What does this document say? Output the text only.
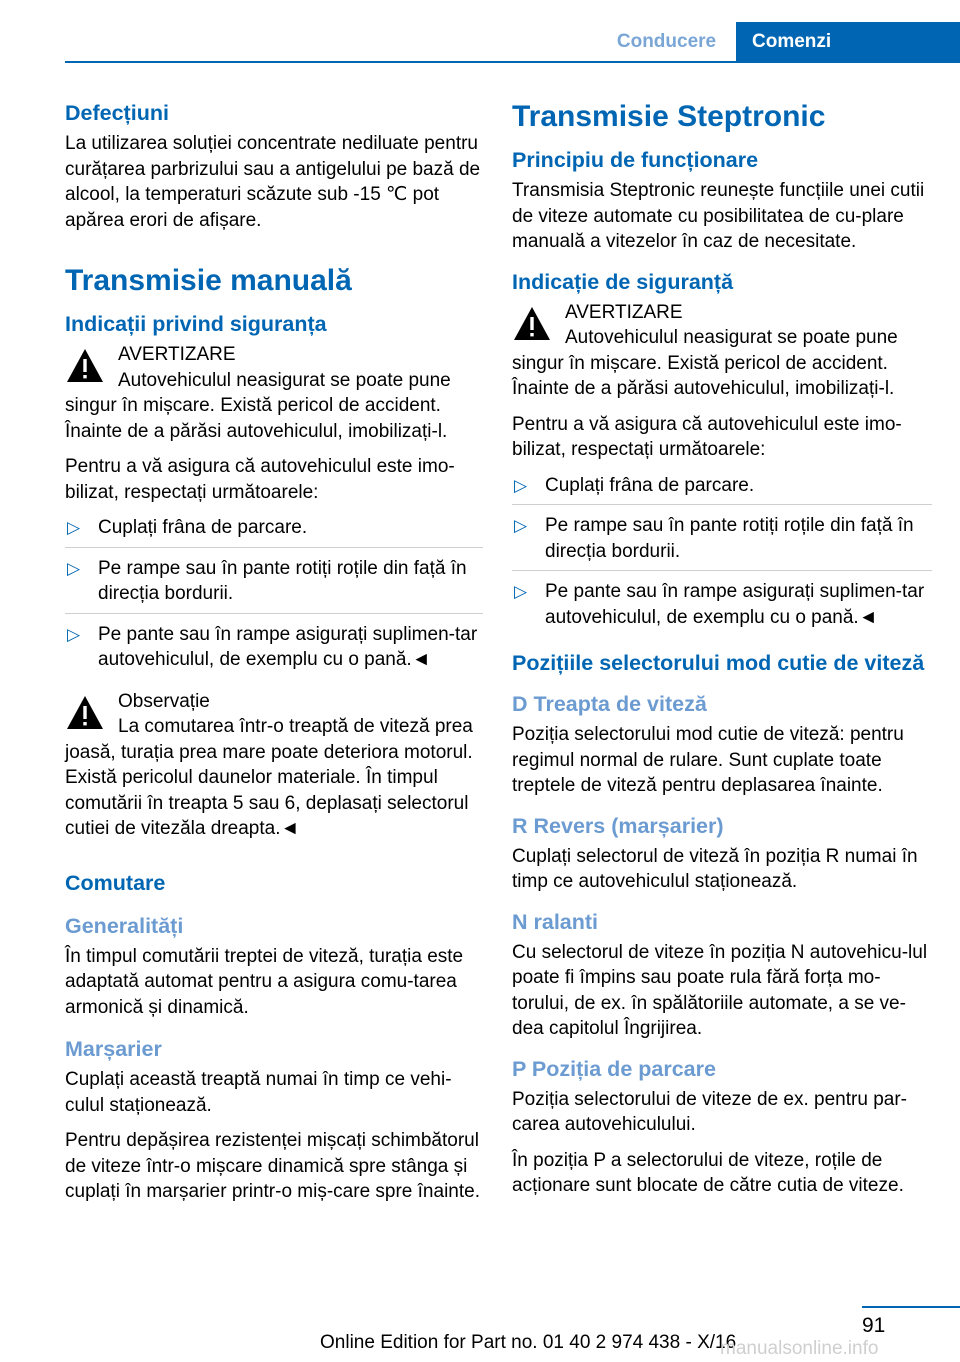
Conducere	Comenzi
Defecțiuni

La utilizarea soluției concentrate nediluate pentru curățarea parbrizului sau a antigelului pe bază de alcool, la temperaturi scăzute sub -15 ℃ pot apărea erori de afișare.

Transmisie manuală
Indicații privind siguranța
AVERTIZARE
Autovehiculul neasigurat se poate pune singur în mișcare. Există pericol de accident. Înainte de a părăsi autovehiculul, imobilizați-l.

Pentru a vă asigura că autovehiculul este imo-bilizat, respectați următoarele:

▷ Cuplați frâna de parcare.
▷ Pe rampe sau în pante rotiți roțile din față în direcția bordurii.
▷ Pe pante sau în rampe asigurați suplimen-tar autovehiculul, de exemplu cu o pană.◄
Observație
La comutarea într-o treaptă de viteză prea joasă, turația prea mare poate deteriora motorul. Există pericolul daunelor materiale. În timpul comutării în treapta 5 sau 6, deplasați selectorul cutiei de vitezăla dreapta.◄
Comutare
Generalități

În timpul comutării treptei de viteză, turația este adaptată automat pentru a asigura comu-tarea armonică și dinamică.

Marșarier

Cuplați această treaptă numai în timp ce vehi-culul staționează.

Pentru depășirea rezistenței mișcați schimbătorul de viteze într-o mișcare dinamică spre stânga și cuplați în marșarier printr-o miș-care spre înainte.

Transmisie Steptronic
Principiu de funcționare

Transmisia Steptronic reunește funcțiile unei cutii de viteze automate cu posibilitatea de cu-plare manuală a vitezelor în caz de necesitate.

Indicație de siguranță
AVERTIZARE
Autovehiculul neasigurat se poate pune singur în mișcare. Există pericol de accident. Înainte de a părăsi autovehiculul, imobilizați-l.

Pentru a vă asigura că autovehiculul este imo-bilizat, respectați următoarele:

▷ Cuplați frâna de parcare.
▷ Pe rampe sau în pante rotiți roțile din față în direcția bordurii.
▷ Pe pante sau în rampe asigurați suplimen-tar autovehiculul, de exemplu cu o pană.◄
Pozițiile selectorului mod cutie de viteză
D Treapta de viteză

Poziția selectorului mod cutie de viteză: pentru regimul normal de rulare. Sunt cuplate toate treptele de viteză pentru deplasarea înainte.

R Revers (marșarier)

Cuplați selectorul de viteză în poziția R numai în timp ce autovehiculul staționează.

N ralanti

Cu selectorul de viteze în poziția N autovehicu-lul poate fi împins sau poate rula fără forța mo-torului, de ex. în spălătoriile automate, a se ve-dea capitolul Îngrijirea.

P Poziția de parcare

Poziția selectorului de viteze de ex. pentru par-carea autovehiculului.

În poziția P a selectorului de viteze, roțile de acționare sunt blocate de către cutia de viteze.

91
Online Edition for Part no. 01 40 2 974 438 - X/16
manualsonline.info
